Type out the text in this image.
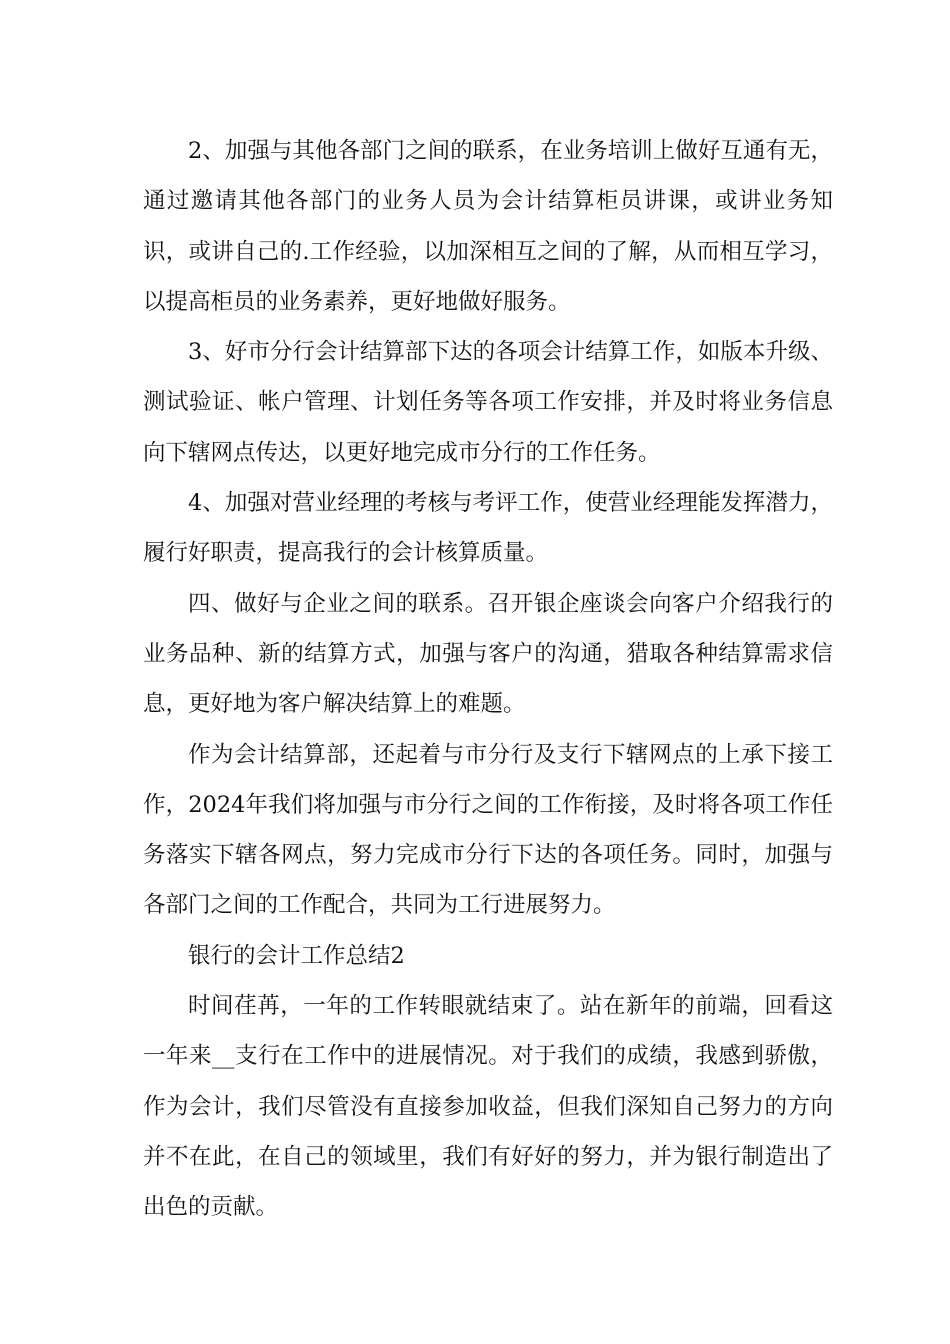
2、加强与其他各部门之间的联系，在业务培训上做好互通有无，通过邀请其他各部门的业务人员为会计结算柜员讲课，或讲业务知识，或讲自己的.工作经验，以加深相互之间的了解，从而相互学习，以提高柜员的业务素养，更好地做好服务。

3、好市分行会计结算部下达的各项会计结算工作，如版本升级、测试验证、帐户管理、计划任务等各项工作安排，并及时将业务信息向下辖网点传达，以更好地完成市分行的工作任务。

4、加强对营业经理的考核与考评工作，使营业经理能发挥潜力，履行好职责，提高我行的会计核算质量。

四、做好与企业之间的联系。召开银企座谈会向客户介绍我行的业务品种、新的结算方式，加强与客户的沟通，猎取各种结算需求信息，更好地为客户解决结算上的难题。

作为会计结算部，还起着与市分行及支行下辖网点的上承下接工作，2024年我们将加强与市分行之间的工作衔接，及时将各项工作任务落实下辖各网点，努力完成市分行下达的各项任务。同时，加强与各部门之间的工作配合，共同为工行进展努力。

银行的会计工作总结2

时间荏苒，一年的工作转眼就结束了。站在新年的前端，回看这一年来__支行在工作中的进展情况。对于我们的成绩，我感到骄傲，作为会计，我们尽管没有直接参加收益，但我们深知自己努力的方向并不在此，在自己的领域里，我们有好好的努力，并为银行制造出了出色的贡献。
